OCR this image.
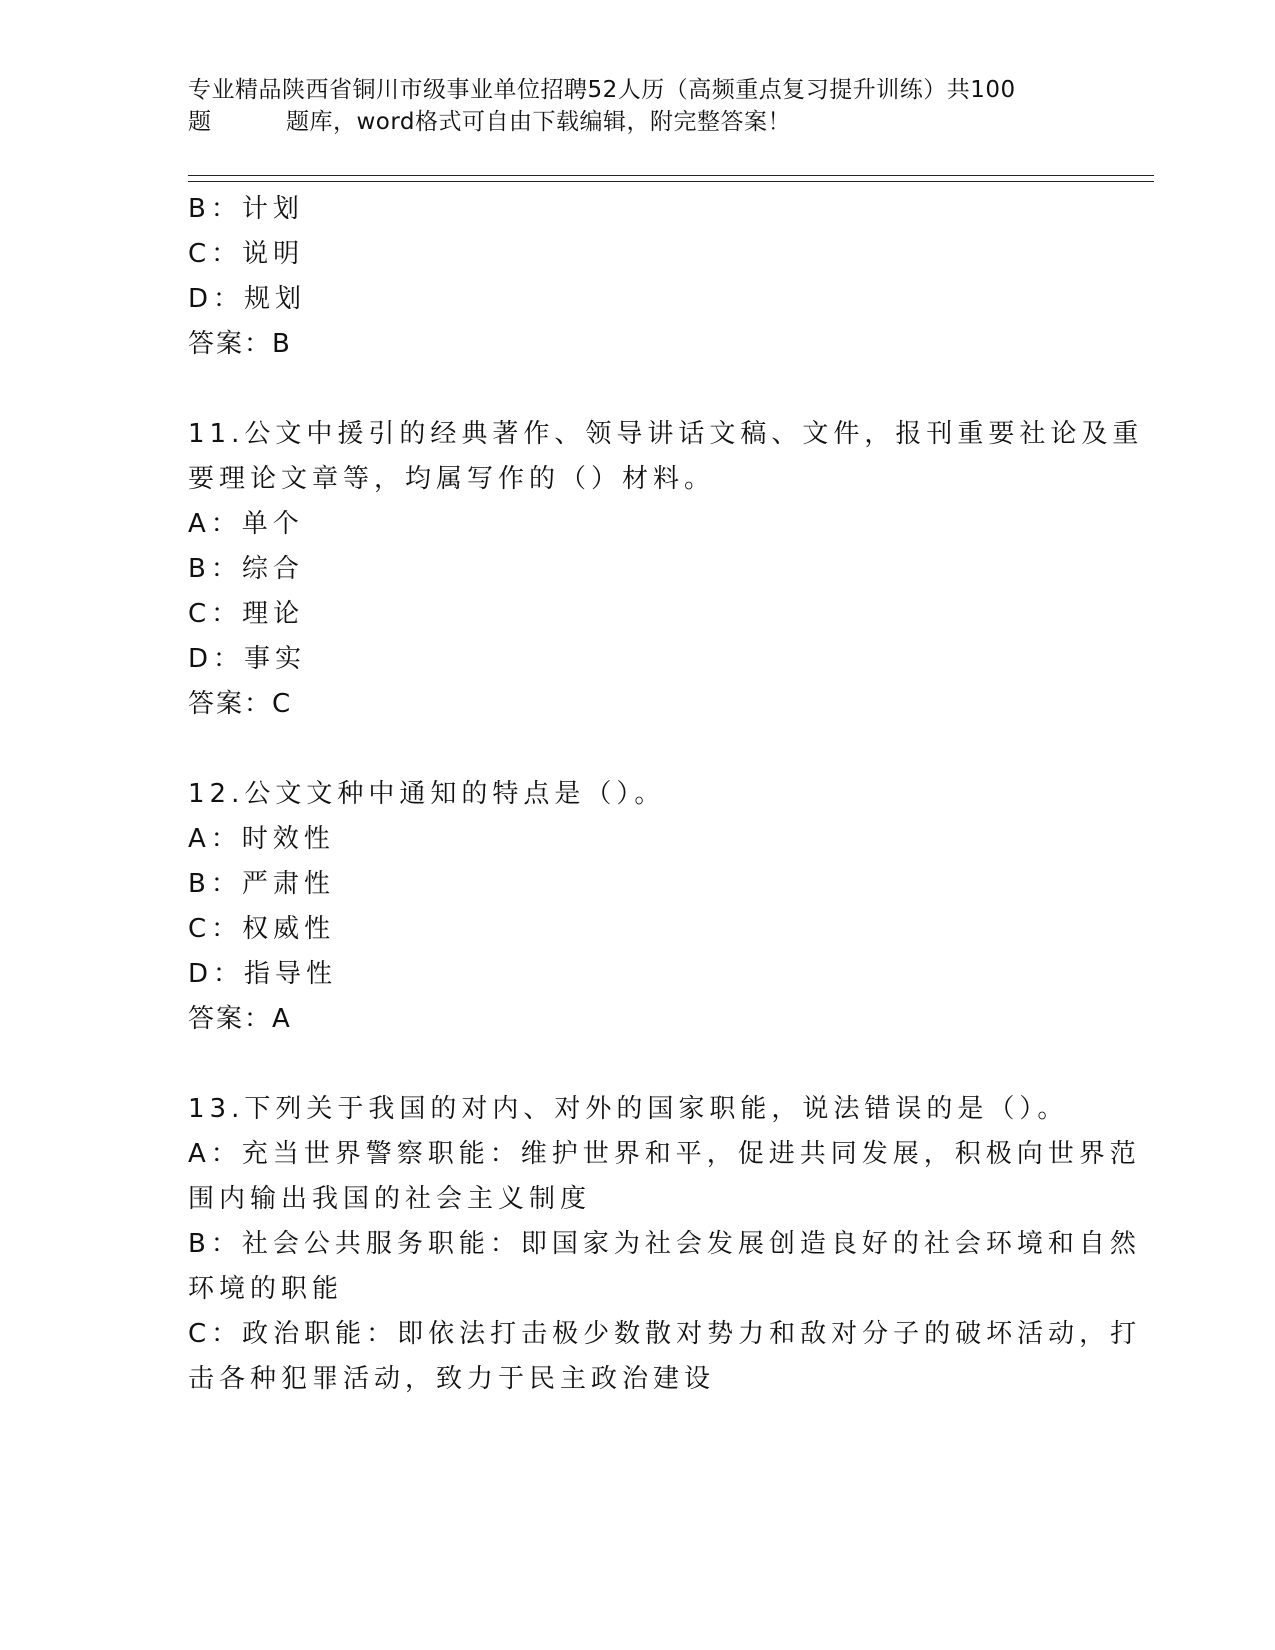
专业精品陕西省铜川市级事业单位招聘52人历（高频重点复习提升训练）共100
题	题库，word格式可自由下载编辑，附完整答案！
B：计划
C：说明
D：规划
答案：B
11.公文中援引的经典著作、领导讲话文稿、文件，报刊重要社论及重
要理论文章等，均属写作的（）材料。
A：单个
B：综合
C：理论
D：事实
答案：C
12.公文文种中通知的特点是（）。
A：时效性
B：严肃性
C：权威性
D：指导性
答案：A
13.下列关于我国的对内、对外的国家职能，说法错误的是（）。
A：充当世界警察职能：维护世界和平，促进共同发展，积极向世界范
围内输出我国的社会主义制度
B：社会公共服务职能：即国家为社会发展创造良好的社会环境和自然
环境的职能
C：政治职能：即依法打击极少数散对势力和敌对分子的破坏活动，打
击各种犯罪活动，致力于民主政治建设
